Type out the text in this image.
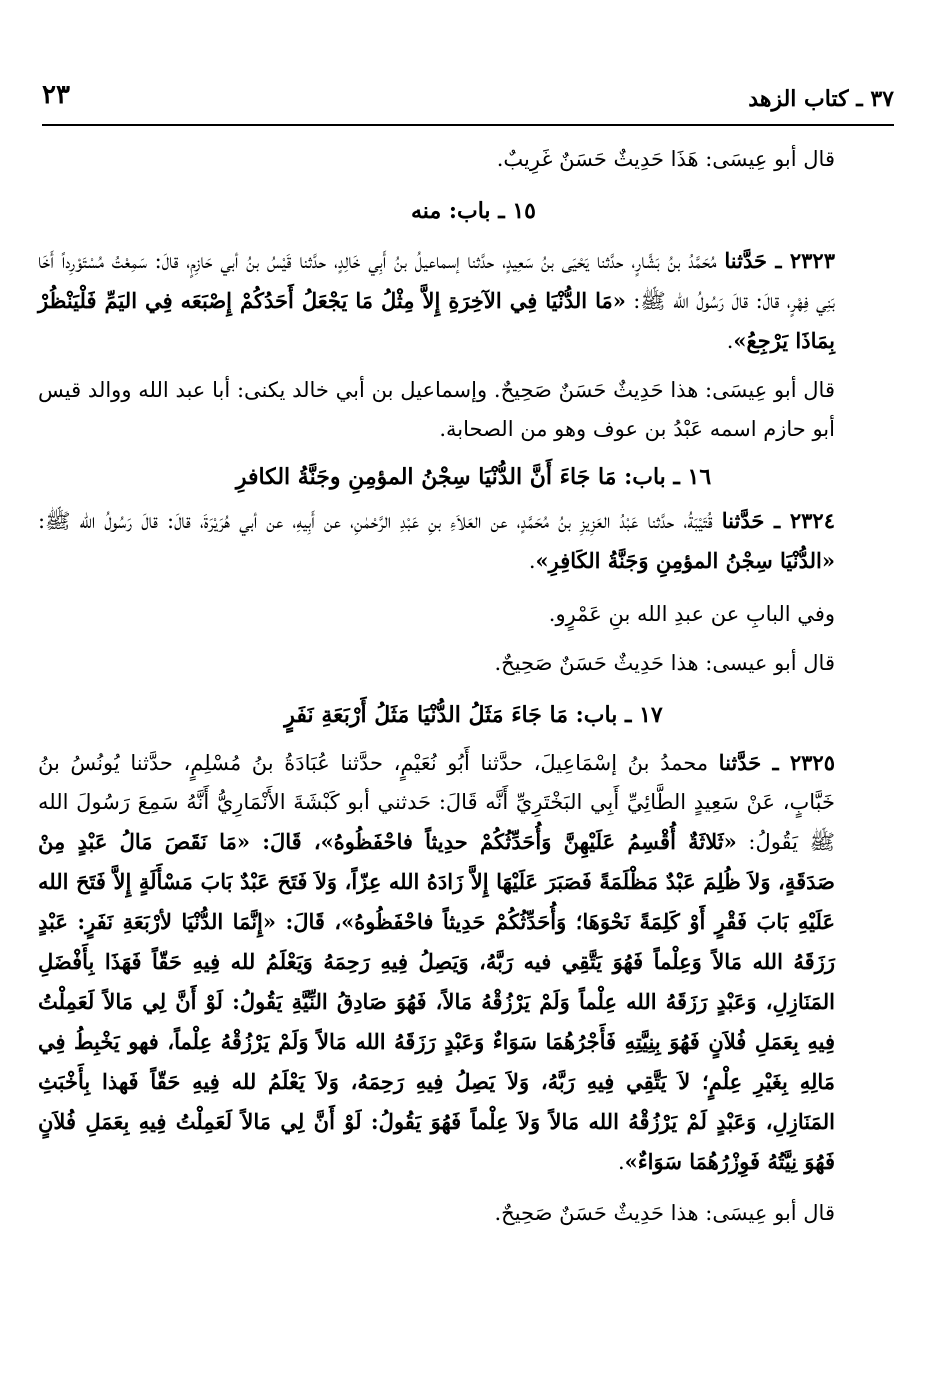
٣٧ ـ كتاب الزهد
٢٣

قال أبو عِيسَى: هَذَا حَدِيثٌ حَسَنٌ غَرِيبٌ.

١٥ ـ باب: منه

٢٣٢٣ ـ حَدَّثنا مُحَمَّدُ بنُ بَشَّارٍ، حدَّثنا يَحْيَى بنُ سَعِيدٍ، حدَّثنا إسماعيلُ بنُ أَبِي خَالِدٍ، حدَّثنا قَيْسُ بنُ أبي حَازِمٍ، قالَ: سَمِعْتُ مُسْتَوْرِداً أَخَا بَنِي فِهْرٍ، قالَ: قالَ رَسُولُ الله ﷺ: «مَا الدُّنْيَا فِي الآخِرَةِ إِلاَّ مِثْلُ مَا يَجْعَلُ أَحَدُكُمْ إِصْبَعَه فِي اليَمِّ فَلْيَنْظُرْ بِمَاذَا يَرْجِعُ».

قال أبو عِيسَى: هذا حَدِيثٌ حَسَنٌ صَحِيحٌ. وإسماعيل بن أبي خالد يكنى: أبا عبد الله ووالد قيس أبو حازم اسمه عَبْدُ بن عوف وهو من الصحابة.

١٦ ـ باب: مَا جَاءَ أَنَّ الدُّنْيَا سِجْنُ المؤمِنِ وجَنَّةُ الكافرِ

٢٣٢٤ ـ حَدَّثنا قُتَيْبَةُ، حدَّثنا عَبْدُ العَزِيزِ بنُ مُحَمَّدٍ، عن العَلاَءِ بنِ عَبْدِ الرَّحْمٰنِ، عن أَبِيهِ، عن أبي هُرَيْرَةَ، قالَ: قالَ رَسُولُ الله ﷺ: «الدُّنْيَا سِجْنُ المؤمِنِ وَجَنَّةُ الكَافِرِ».

وفي البابِ عن عبدِ الله بنِ عَمْرٍو.

قال أبو عيسى: هذا حَدِيثٌ حَسَنٌ صَحِيحٌ.

١٧ ـ باب: مَا جَاءَ مَثَلُ الدُّنْيَا مَثَلُ أَرْبَعَةِ نَفَرٍ

٢٣٢٥ ـ حَدَّثنا محمدُ بنُ إسْمَاعِيلَ، حدَّثنا أَبُو نُعَيْمٍ، حدَّثنا عُبَادَةُ بنُ مُسْلِمٍ، حدَّثنا يُونُسُ بنُ خَبَّابٍ، عَنْ سَعِيدٍ الطَّائِيِّ أَبِي البَخْتَرِيِّ أَنَّه قَالَ: حَدثني أبو كَبْشَةَ الأَنْمَارِيُّ أَنَّهُ سَمِعَ رَسُولَ الله ﷺ يَقُولُ: «ثَلاثَةٌ أُقْسِمُ عَلَيْهِنَّ وَأُحَدِّثُكُمْ حدِيثاً فاحْفَظُوهُ»، قَالَ: «مَا نَقَصَ مَالُ عَبْدٍ مِنْ صَدَقَةٍ، وَلاَ ظُلِمَ عَبْدٌ مَظْلَمَةً فَصَبَرَ عَلَيْهَا إِلاَّ زَادَهُ الله عِزّاً، وَلاَ فَتَحَ عَبْدٌ بَابَ مَسْأَلَةٍ إِلاَّ فَتَحَ الله عَلَيْهِ بَابَ فَقْرٍ أَوْ كَلِمَةً نَحْوَهَا؛ وَأُحَدِّثُكُمْ حَدِيثاً فاحْفَظُوهُ»، قَالَ: «إِنَّمَا الدُّنْيَا لأرْبَعَةِ نَفَرٍ: عَبْدٍ رَزَقَهُ الله مَالاً وَعِلْماً فَهُوَ يَتَّقِي فيه رَبَّهُ، وَيَصِلُ فِيهِ رَحِمَهُ وَيَعْلَمُ لله فِيهِ حَقّاً فَهَذَا بِأَفْضَلِ المَنَازِلِ، وَعَبْدٍ رَزَقَهُ الله عِلْماً وَلَمْ يَرْزُقْهُ مَالاً، فَهُوَ صَادِقُ النِّيَّةِ يَقُولُ: لَوْ أَنَّ لِي مَالاً لَعَمِلْتُ فِيهِ بِعَمَلِ فُلاَنٍ فَهُوَ بِنِيَّتِهِ فَأَجْرُهُمَا سَوَاءٌ وَعَبْدٍ رَزَقَهُ الله مَالاً وَلَمْ يَرْزُقْهُ عِلْماً، فهو يَخْبِطُ فِي مَالِهِ بِغَيْرِ عِلْمٍ؛ لاَ يَتَّقِي فِيهِ رَبَّهُ، وَلاَ يَصِلُ فِيهِ رَحِمَهُ، وَلاَ يَعْلَمُ لله فِيهِ حَقّاً فَهذا بِأَخْبَثِ المَنَازِلِ، وَعَبْدٍ لَمْ يَرْزُقْهُ الله مَالاً وَلاَ عِلْماً فَهُوَ يَقُولُ: لَوْ أَنَّ لِي مَالاً لَعَمِلْتُ فِيهِ بِعَمَلِ فُلاَنٍ فَهُوَ نِيَّتُهُ فَوِزْرُهُمَا سَوَاءٌ».

قال أبو عِيسَى: هذا حَدِيثٌ حَسَنٌ صَحِيحٌ.
